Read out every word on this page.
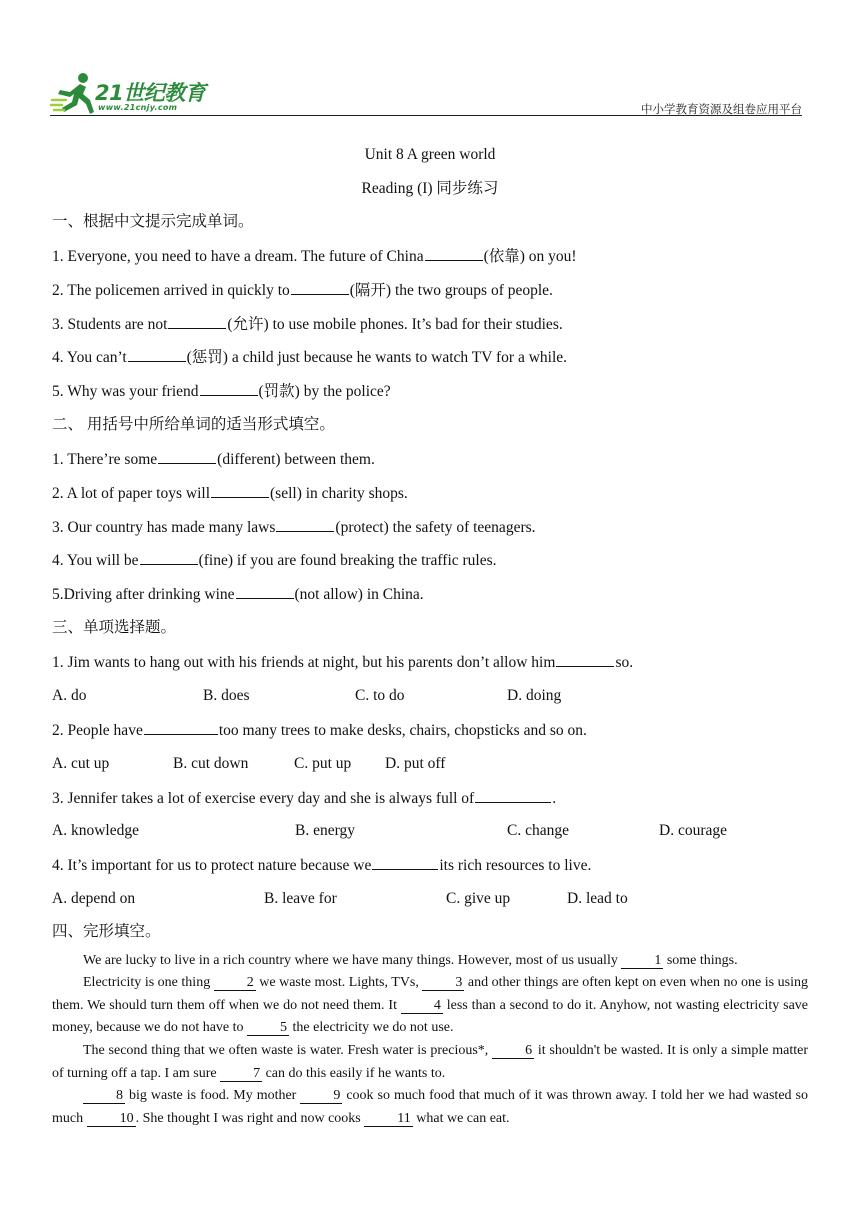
21世纪教育
www.21cnjy.com	中小学教育资源及组卷应用平台
Unit 8 A green world
Reading (I) 同步练习
一、根据中文提示完成单词。
1. Everyone, you need to have a dream. The future of China	(依靠) on you!
2. The policemen arrived in quickly to	(隔开) the two groups of people.
3. Students are not	(允许) to use mobile phones. It’s bad for their studies.
4. You can’t	(惩罚) a child just because he wants to watch TV for a while.
5. Why was your friend	(罚款) by the police?
二、 用括号中所给单词的适当形式填空。
1. There’re some	(different) between them.
2. A lot of paper toys will	(sell) in charity shops.
3. Our country has made many laws	(protect) the safety of teenagers.
4. You will be	(fine) if you are found breaking the traffic rules.
5.Driving after drinking wine	(not allow) in China.
三、单项选择题。
1. Jim wants to hang out with his friends at night, but his parents don’t allow him	so.
A. do	B. does	C. to do	D. doing
2. People have	too many trees to make desks, chairs, chopsticks and so on.
A. cut up	B. cut down	C. put up D. put off
3. Jennifer takes a lot of exercise every day and she is always full of	.
A. knowledge	B. energy	C. change	D. courage
4. It’s important for us to protect nature because we	its rich resources to live.
A. depend on	B. leave for	C. give up	D. lead to
四、完形填空。
We are lucky to live in a rich country where we have many things. However, most of us usually 1 some things.
Electricity is one thing 2 we waste most. Lights, TVs, 3 and other things are often kept on even when no one is using them. We should turn them off when we do not need them. It 4 less than a second to do it. Anyhow, not wasting electricity save money, because we do not have to 5 the electricity we do not use.
The second thing that we often waste is water. Fresh water is precious*, 6 it shouldn't be wasted. It is only a simple matter of turning off a tap. I am sure 7 can do this easily if he wants to.
8 big waste is food. My mother 9 cook so much food that much of it was thrown away. I told her we had wasted so much 10 . She thought I was right and now cooks 11 what we can eat.
